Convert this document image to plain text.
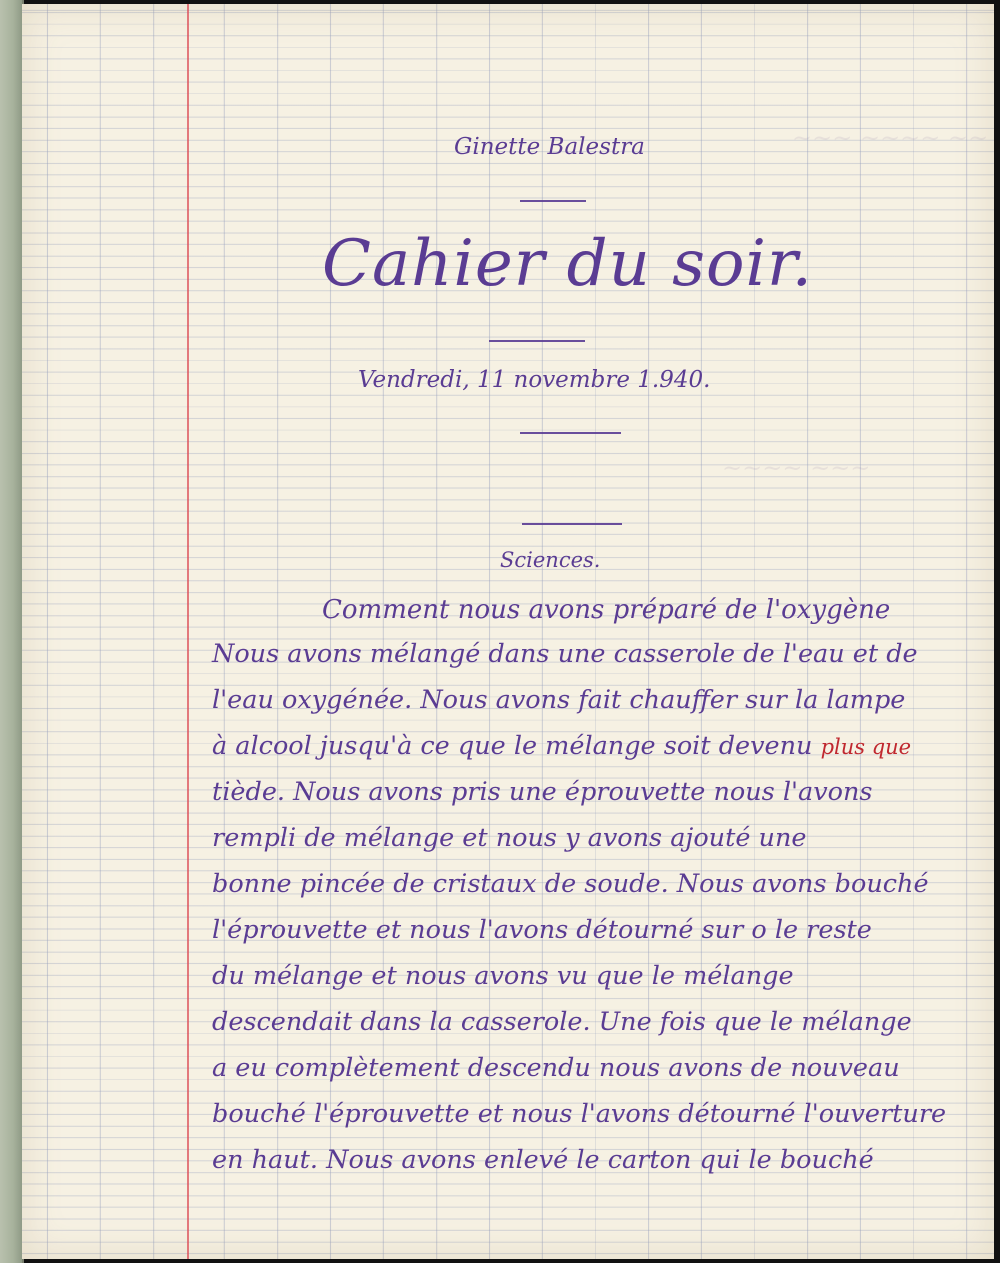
~~~ ~~~~ ~~
~~~~ ~~~
Ginette Balestra
Cahier du soir.
Vendredi, 11 novembre 1.940.
Sciences.
Comment nous avons préparé de l'oxygène
Nous avons mélangé dans une casserole de l'eau et de
l'eau oxygénée. Nous avons fait chauffer sur la lampe
à alcool jusqu'à ce que le mélange soit devenu plus que
tiède. Nous avons pris une éprouvette nous l'avons
rempli de mélange et nous y avons ajouté une
bonne pincée de cristaux de soude. Nous avons bouché
l'éprouvette et nous l'avons détourné sur o le reste
du mélange et nous avons vu que le mélange
descendait dans la casserole. Une fois que le mélange
a eu complètement descendu nous avons de nouveau
bouché l'éprouvette et nous l'avons détourné l'ouverture
en haut. Nous avons enlevé le carton qui le bouché
